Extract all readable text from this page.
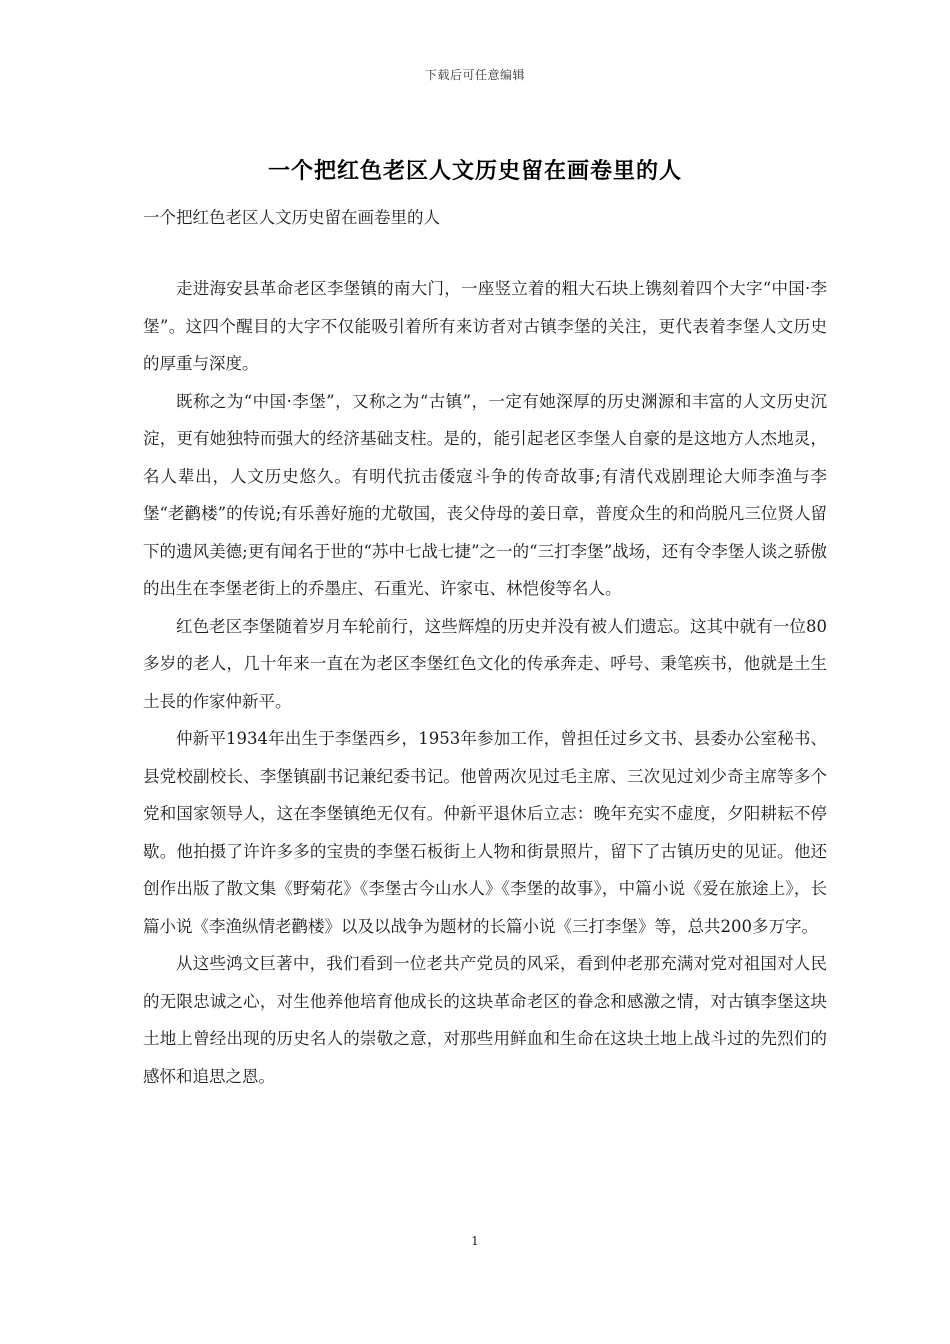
下载后可任意编辑
一个把红色老区人文历史留在画卷里的人
一个把红色老区人文历史留在画卷里的人

走进海安县革命老区李堡镇的南大门，一座竖立着的粗大石块上镌刻着四个大字“中国·李堡”。这四个醒目的大字不仅能吸引着所有来访者对古镇李堡的关注，更代表着李堡人文历史的厚重与深度。

既称之为“中国·李堡”，又称之为“古镇”，一定有她深厚的历史渊源和丰富的人文历史沉淀，更有她独特而强大的经济基础支柱。是的，能引起老区李堡人自豪的是这地方人杰地灵，名人辈出，人文历史悠久。有明代抗击倭寇斗争的传奇故事;有清代戏剧理论大师李渔与李堡“老鹳楼”的传说;有乐善好施的尤敬国，丧父侍母的姜日章，普度众生的和尚脱凡三位贤人留下的遗风美德;更有闻名于世的“苏中七战七捷”之一的“三打李堡”战场，还有令李堡人谈之骄傲的出生在李堡老街上的乔墨庄、石重光、许家屯、林恺俊等名人。

红色老区李堡随着岁月车轮前行，这些辉煌的历史并没有被人们遗忘。这其中就有一位80多岁的老人，几十年来一直在为老区李堡红色文化的传承奔走、呼号、秉笔疾书，他就是土生土長的作家仲新平。

仲新平1934年出生于李堡西乡，1953年参加工作，曾担任过乡文书、县委办公室秘书、县党校副校长、李堡镇副书记兼纪委书记。他曾两次见过毛主席、三次见过刘少奇主席等多个党和国家领导人，这在李堡镇绝无仅有。仲新平退休后立志：晚年充实不虚度，夕阳耕耘不停歇。他拍摄了许许多多的宝贵的李堡石板街上人物和街景照片，留下了古镇历史的见证。他还创作出版了散文集《野菊花》《李堡古今山水人》《李堡的故事》，中篇小说《爱在旅途上》，长篇小说《李渔纵情老鹳楼》以及以战争为题材的长篇小说《三打李堡》等，总共200多万字。

从这些鸿文巨著中，我们看到一位老共产党员的风采，看到仲老那充满对党对祖国对人民的无限忠诚之心，对生他养他培育他成长的这块革命老区的眷念和感激之情，对古镇李堡这块土地上曾经出现的历史名人的崇敬之意，对那些用鲜血和生命在这块土地上战斗过的先烈们的感怀和追思之恩。

1
